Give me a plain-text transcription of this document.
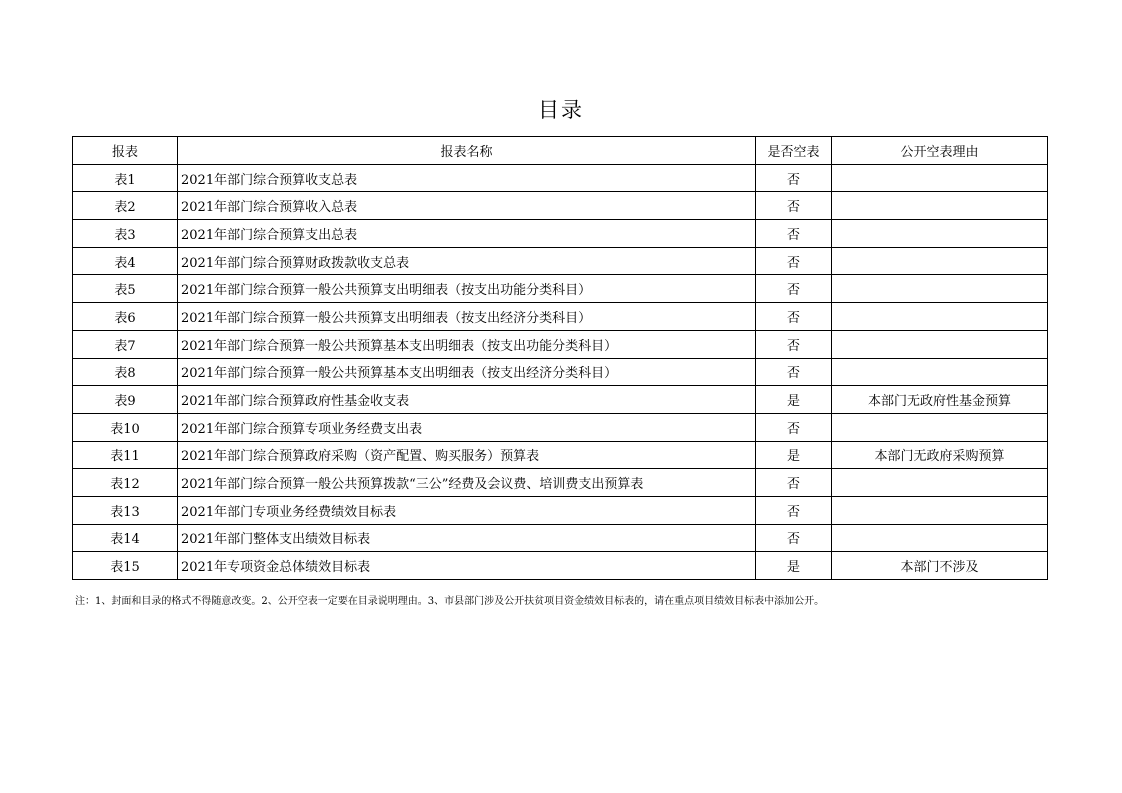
目录
报表	报表名称	是否空表	公开空表理由
表1	2021年部门综合预算收支总表	否	
表2	2021年部门综合预算收入总表	否	
表3	2021年部门综合预算支出总表	否	
表4	2021年部门综合预算财政拨款收支总表	否	
表5	2021年部门综合预算一般公共预算支出明细表（按支出功能分类科目）	否	
表6	2021年部门综合预算一般公共预算支出明细表（按支出经济分类科目）	否	
表7	2021年部门综合预算一般公共预算基本支出明细表（按支出功能分类科目）	否	
表8	2021年部门综合预算一般公共预算基本支出明细表（按支出经济分类科目）	否	
表9	2021年部门综合预算政府性基金收支表	是	本部门无政府性基金预算
表10	2021年部门综合预算专项业务经费支出表	否	
表11	2021年部门综合预算政府采购（资产配置、购买服务）预算表	是	本部门无政府采购预算
表12	2021年部门综合预算一般公共预算拨款“三公”经费及会议费、培训费支出预算表	否	
表13	2021年部门专项业务经费绩效目标表	否	
表14	2021年部门整体支出绩效目标表	否	
表15	2021年专项资金总体绩效目标表	是	本部门不涉及
注：1、封面和目录的格式不得随意改变。2、公开空表一定要在目录说明理由。3、市县部门涉及公开扶贫项目资金绩效目标表的，请在重点项目绩效目标表中添加公开。
